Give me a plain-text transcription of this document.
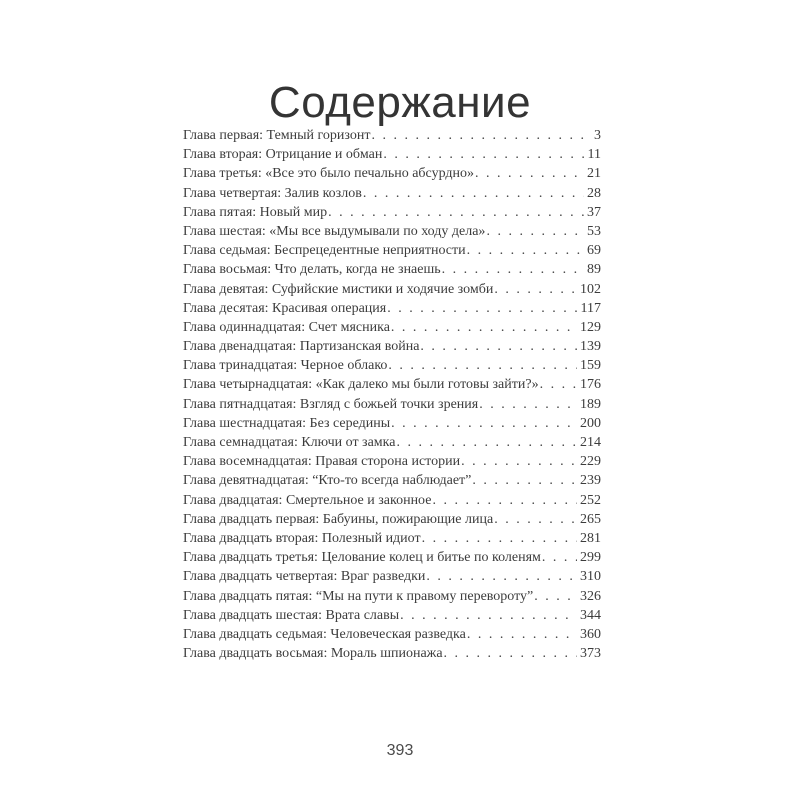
Содержание
Глава первая: Темный горизонт . . .	3
Глава вторая: Отрицание и обман . . .	11
Глава третья: «Все это было печально абсурдно» . . .	21
Глава четвертая: Залив козлов . . .	28
Глава пятая: Новый мир . . .	37
Глава шестая: «Мы все выдумывали по ходу дела» . . .	53
Глава седьмая: Беспрецедентные неприятности . . .	69
Глава восьмая: Что делать, когда не знаешь . . .	89
Глава девятая: Суфийские мистики и ходячие зомби . . .	102
Глава десятая: Красивая операция . . .	117
Глава одиннадцатая: Счет мясника . . .	129
Глава двенадцатая: Партизанская война . . .	139
Глава тринадцатая: Черное облако . . .	159
Глава четырнадцатая: «Как далеко мы были готовы зайти?» . . .	176
Глава пятнадцатая: Взгляд с божьей точки зрения . . .	189
Глава шестнадцатая: Без середины . . .	200
Глава семнадцатая: Ключи от замка . . .	214
Глава восемнадцатая: Правая сторона истории . . .	229
Глава девятнадцатая: “Кто-то всегда наблюдает” . . .	239
Глава двадцатая: Смертельное и законное . . .	252
Глава двадцать первая: Бабуины, пожирающие лица . . .	265
Глава двадцать вторая: Полезный идиот . . .	281
Глава двадцать третья: Целование колец и битье по коленям . . .	299
Глава двадцать четвертая: Враг разведки . . .	310
Глава двадцать пятая: “Мы на пути к правому перевороту” . . .	326
Глава двадцать шестая: Врата славы . . .	344
Глава двадцать седьмая: Человеческая разведка . . .	360
Глава двадцать восьмая: Мораль шпионажа . . .	373
393
